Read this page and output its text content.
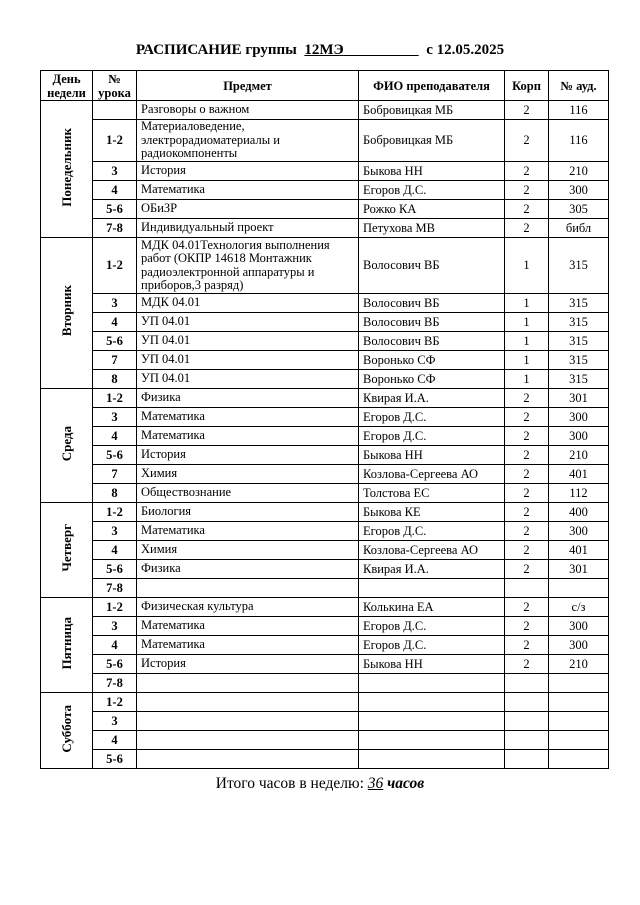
РАСПИСАНИЕ группы 12МЭ	с 12.05.2025
День недели	№ урока	Предмет	ФИО преподавателя	Корп	№ ауд.
Понедельник		Разговоры о важном	Бобровицкая МБ	2	116
	1-2	Материаловедение, электрорадиоматериалы и радиокомпоненты	Бобровицкая МБ	2	116
	3	История	Быкова НН	2	210
	4	Математика	Егоров Д.С.	2	300
	5-6	ОБиЗР	Рожко КА	2	305
	7-8	Индивидуальный проект	Петухова МВ	2	библ
Вторник	1-2	МДК 04.01Технология выполнения работ (ОКПР 14618 Монтажник радиоэлектронной аппаратуры и приборов,3 разряд)	Волосович ВБ	1	315
	3	МДК 04.01	Волосович ВБ	1	315
	4	УП 04.01	Волосович ВБ	1	315
	5-6	УП 04.01	Волосович ВБ	1	315
	7	УП 04.01	Воронько СФ	1	315
	8	УП 04.01	Воронько СФ	1	315
Среда	1-2	Физика	Квирая И.А.	2	301
	3	Математика	Егоров Д.С.	2	300
	4	Математика	Егоров Д.С.	2	300
	5-6	История	Быкова НН	2	210
	7	Химия	Козлова-Сергеева АО	2	401
	8	Обществознание	Толстова ЕС	2	112
Четверг	1-2	Биология	Быкова КЕ	2	400
	3	Математика	Егоров Д.С.	2	300
	4	Химия	Козлова-Сергеева АО	2	401
	5-6	Физика	Квирая И.А.	2	301
	7-8				
Пятница	1-2	Физическая культура	Колькина ЕА	2	с/з
	3	Математика	Егоров Д.С.	2	300
	4	Математика	Егоров Д.С.	2	300
	5-6	История	Быкова НН	2	210
	7-8				
Суббота	1-2				
	3				
	4				
	5-6				
Итого часов в неделю: 36 часов
